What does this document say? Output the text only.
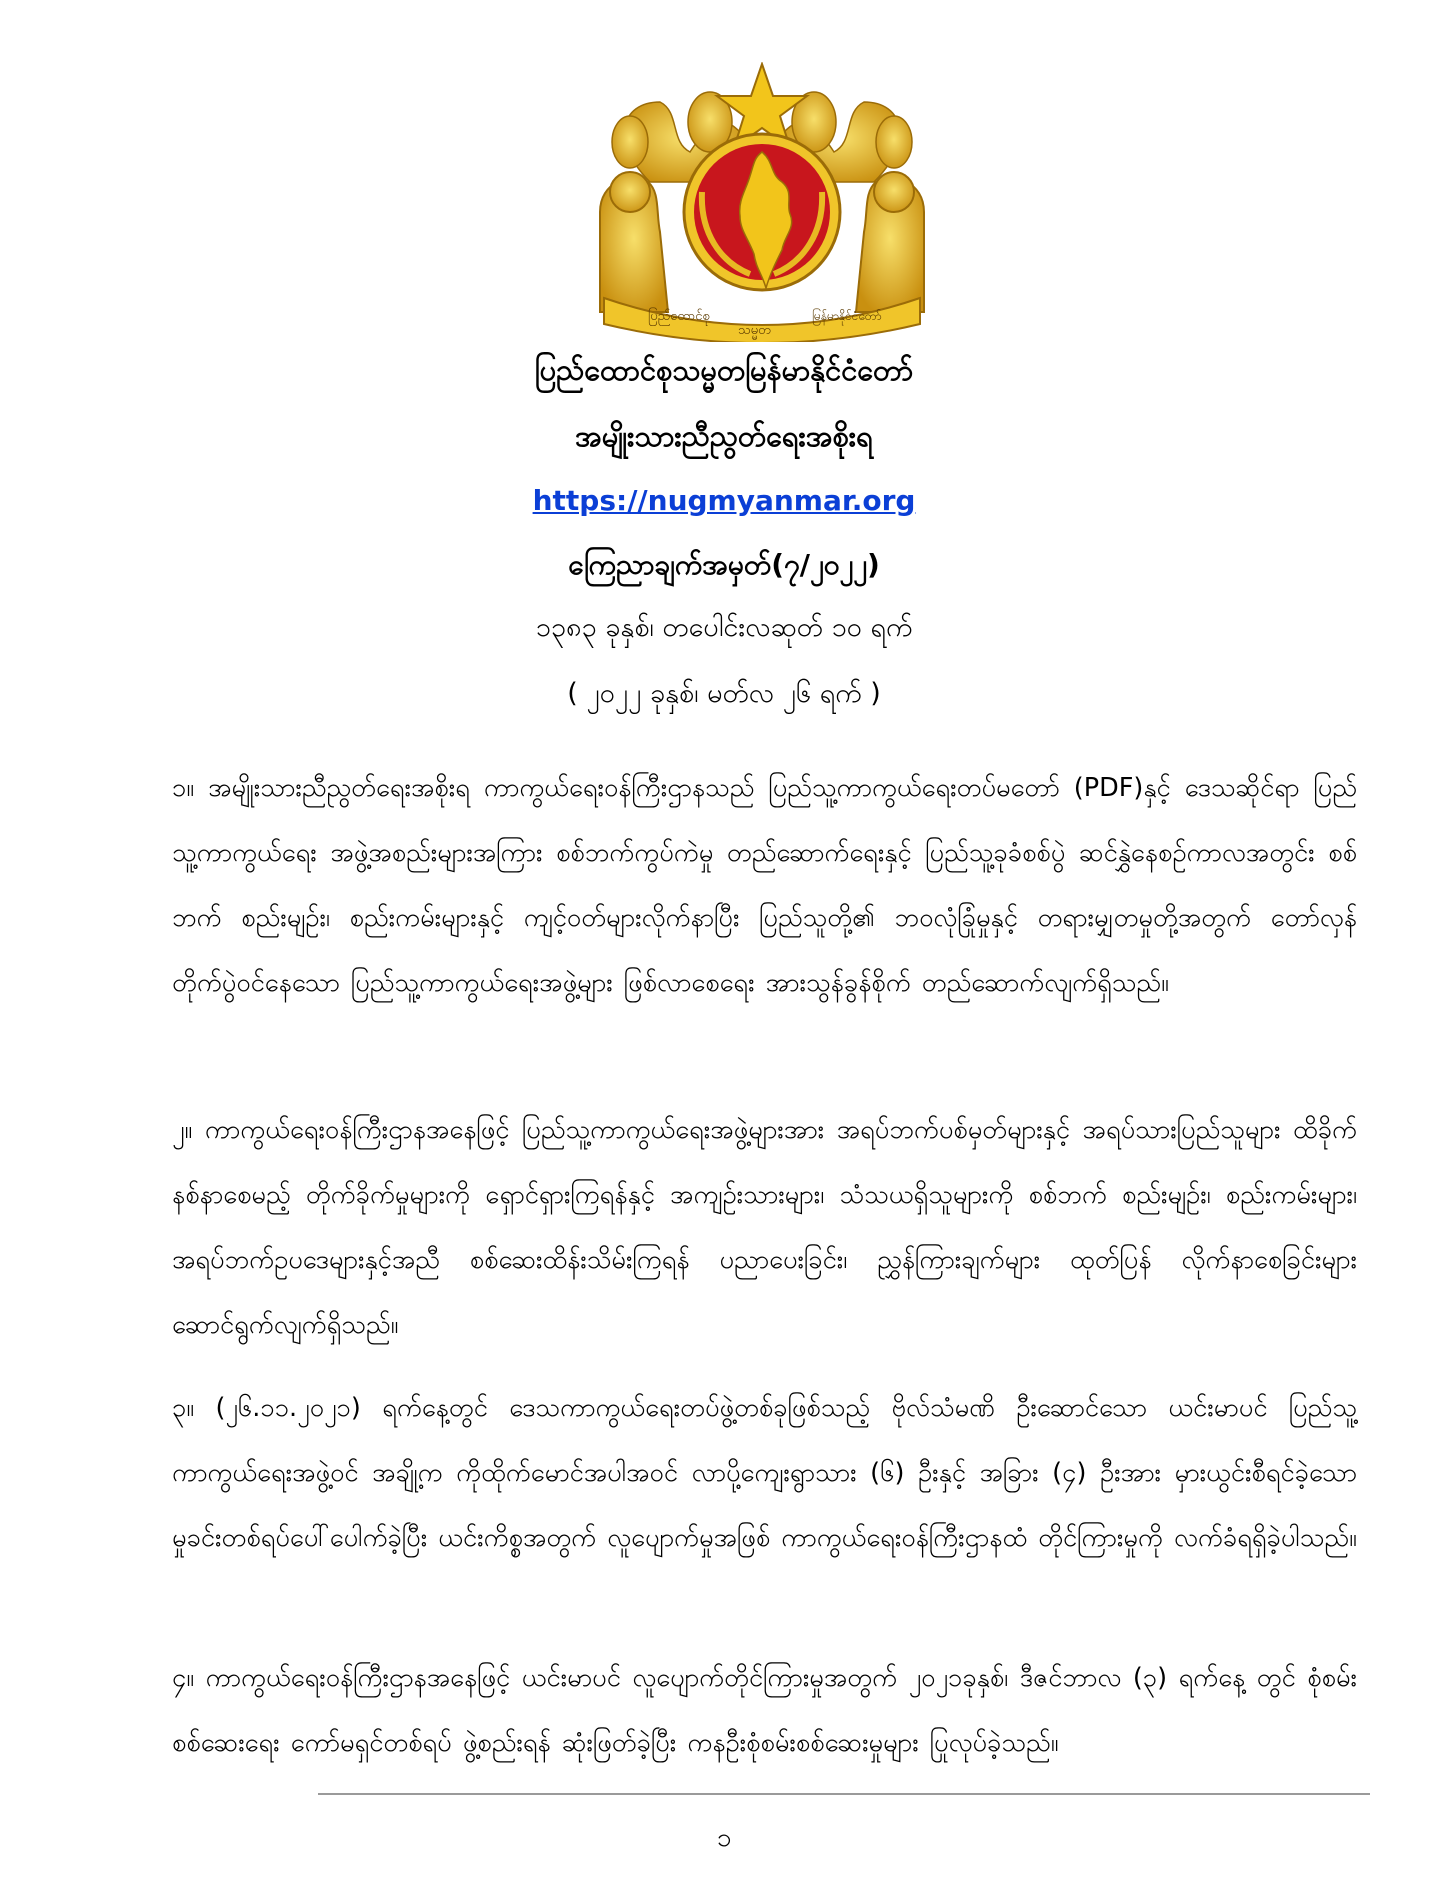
ပြည်ထောင်စု
သမ္မတ
မြန်မာနိုင်ငံတော်
ပြည်ထောင်စုသမ္မတမြန်မာနိုင်ငံတော်
အမျိုးသားညီညွတ်ရေးအစိုးရ
https://nugmyanmar.org
ကြေညာချက်အမှတ်(၇/၂၀၂၂)
၁၃၈၃ ခုနှစ်၊ တပေါင်းလဆုတ် ၁၀ ရက်
( ၂၀၂၂ ခုနှစ်၊ မတ်လ ၂၆ ရက် )
၁။ အမျိုးသားညီညွတ်ရေးအစိုးရ ကာကွယ်ရေးဝန်ကြီးဌာနသည် ပြည်သူ့ကာကွယ်ရေးတပ်မတော် (PDF)နှင့် ဒေသဆိုင်ရာ ပြည်သူ့ကာကွယ်ရေး အဖွဲ့အစည်းများအကြား စစ်ဘက်ကွပ်ကဲမှု တည်ဆောက်ရေးနှင့် ပြည်သူ့ခုခံစစ်ပွဲ ဆင်နွှဲနေစဉ်ကာလအတွင်း စစ်ဘက် စည်းမျဉ်း၊ စည်းကမ်းများနှင့် ကျင့်ဝတ်များလိုက်နာပြီး ပြည်သူတို့၏ ဘဝလုံခြုံမှုနှင့် တရားမျှတမှုတို့အတွက် တော်လှန် တိုက်ပွဲဝင်နေသော ပြည်သူ့ကာကွယ်ရေးအဖွဲ့များ ဖြစ်လာစေရေး အားသွန်ခွန်စိုက် တည်ဆောက်လျက်ရှိသည်။
၂။ ကာကွယ်ရေးဝန်ကြီးဌာနအနေဖြင့် ပြည်သူ့ကာကွယ်ရေးအဖွဲ့များအား အရပ်ဘက်ပစ်မှတ်များနှင့် အရပ်သားပြည်သူများ ထိခိုက်နစ်နာစေမည့် တိုက်ခိုက်မှုများကို ရှောင်ရှားကြရန်နှင့် အကျဉ်းသားများ၊ သံသယရှိသူများကို စစ်ဘက် စည်းမျဉ်း၊ စည်းကမ်းများ၊ အရပ်ဘက်ဥပဒေများနှင့်အညီ စစ်ဆေးထိန်းသိမ်းကြရန် ပညာပေးခြင်း၊ ညွှန်ကြားချက်များ ထုတ်ပြန် လိုက်နာစေခြင်းများ ဆောင်ရွက်လျက်ရှိသည်။
၃။ (၂၆.၁၁.၂၀၂၁) ရက်နေ့တွင် ဒေသကာကွယ်ရေးတပ်ဖွဲ့တစ်ခုဖြစ်သည့် ဗိုလ်သံမဏိ ဦးဆောင်သော ယင်းမာပင် ပြည်သူ့ကာကွယ်ရေးအဖွဲ့ဝင် အချို့က ကိုထိုက်မောင်အပါအဝင် လာပို့ကျေးရွာသား (၆) ဦးနှင့် အခြား (၄) ဦးအား မှားယွင်းစီရင်ခဲ့သော မှုခင်းတစ်ရပ်ပေါ်ပေါက်ခဲ့ပြီး ယင်းကိစ္စအတွက် လူပျောက်မှုအဖြစ် ကာကွယ်ရေးဝန်ကြီးဌာနထံ တိုင်ကြားမှုကို လက်ခံရရှိခဲ့ပါသည်။
၄။ ကာကွယ်ရေးဝန်ကြီးဌာနအနေဖြင့် ယင်းမာပင် လူပျောက်တိုင်ကြားမှုအတွက် ၂၀၂၁ခုနှစ်၊ ဒီဇင်ဘာလ (၃) ရက်နေ့ တွင် စုံစမ်းစစ်ဆေးရေး ကော်မရှင်တစ်ရပ် ဖွဲ့စည်းရန် ဆုံးဖြတ်ခဲ့ပြီး ကနဦးစုံစမ်းစစ်ဆေးမှုများ ပြုလုပ်ခဲ့သည်။
၁
